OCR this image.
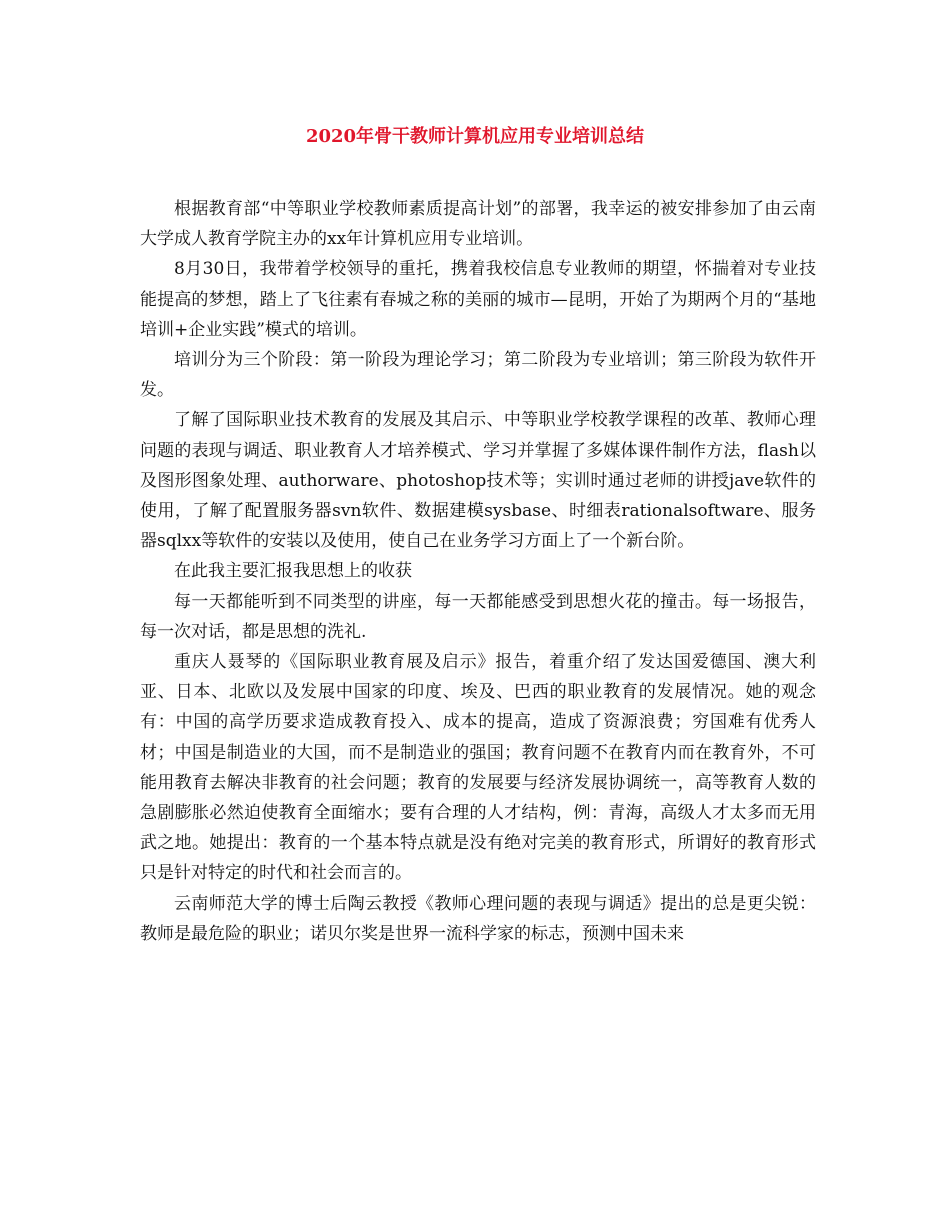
2020年骨干教师计算机应用专业培训总结

根据教育部“中等职业学校教师素质提高计划”的部署，我幸运的被安排参加了由云南大学成人教育学院主办的xx年计算机应用专业培训。

8月30日，我带着学校领导的重托，携着我校信息专业教师的期望，怀揣着对专业技能提高的梦想，踏上了飞往素有春城之称的美丽的城市—昆明，开始了为期两个月的“基地培训+企业实践”模式的培训。

培训分为三个阶段：第一阶段为理论学习；第二阶段为专业培训；第三阶段为软件开发。

了解了国际职业技术教育的发展及其启示、中等职业学校教学课程的改革、教师心理问题的表现与调适、职业教育人才培养模式、学习并掌握了多媒体课件制作方法，flash以及图形图象处理、authorware、photoshop技术等；实训时通过老师的讲授jave软件的使用，了解了配置服务器svn软件、数据建模sysbase、时细表rationalsoftware、服务器sqlxx等软件的安装以及使用，使自己在业务学习方面上了一个新台阶。

在此我主要汇报我思想上的收获

每一天都能听到不同类型的讲座，每一天都能感受到思想火花的撞击。每一场报告，每一次对话，都是思想的洗礼.

重庆人聂琴的《国际职业教育展及启示》报告，着重介绍了发达国爱德国、澳大利亚、日本、北欧以及发展中国家的印度、埃及、巴西的职业教育的发展情况。她的观念有：中国的高学历要求造成教育投入、成本的提高，造成了资源浪费；穷国难有优秀人材；中国是制造业的大国，而不是制造业的强国；教育问题不在教育内而在教育外，不可能用教育去解决非教育的社会问题；教育的发展要与经济发展协调统一，高等教育人数的急剧膨胀必然迫使教育全面缩水；要有合理的人才结构，例：青海，高级人才太多而无用武之地。她提出：教育的一个基本特点就是没有绝对完美的教育形式，所谓好的教育形式只是针对特定的时代和社会而言的。

云南师范大学的博士后陶云教授《教师心理问题的表现与调适》提出的总是更尖锐：教师是最危险的职业；诺贝尔奖是世界一流科学家的标志，预测中国未来
